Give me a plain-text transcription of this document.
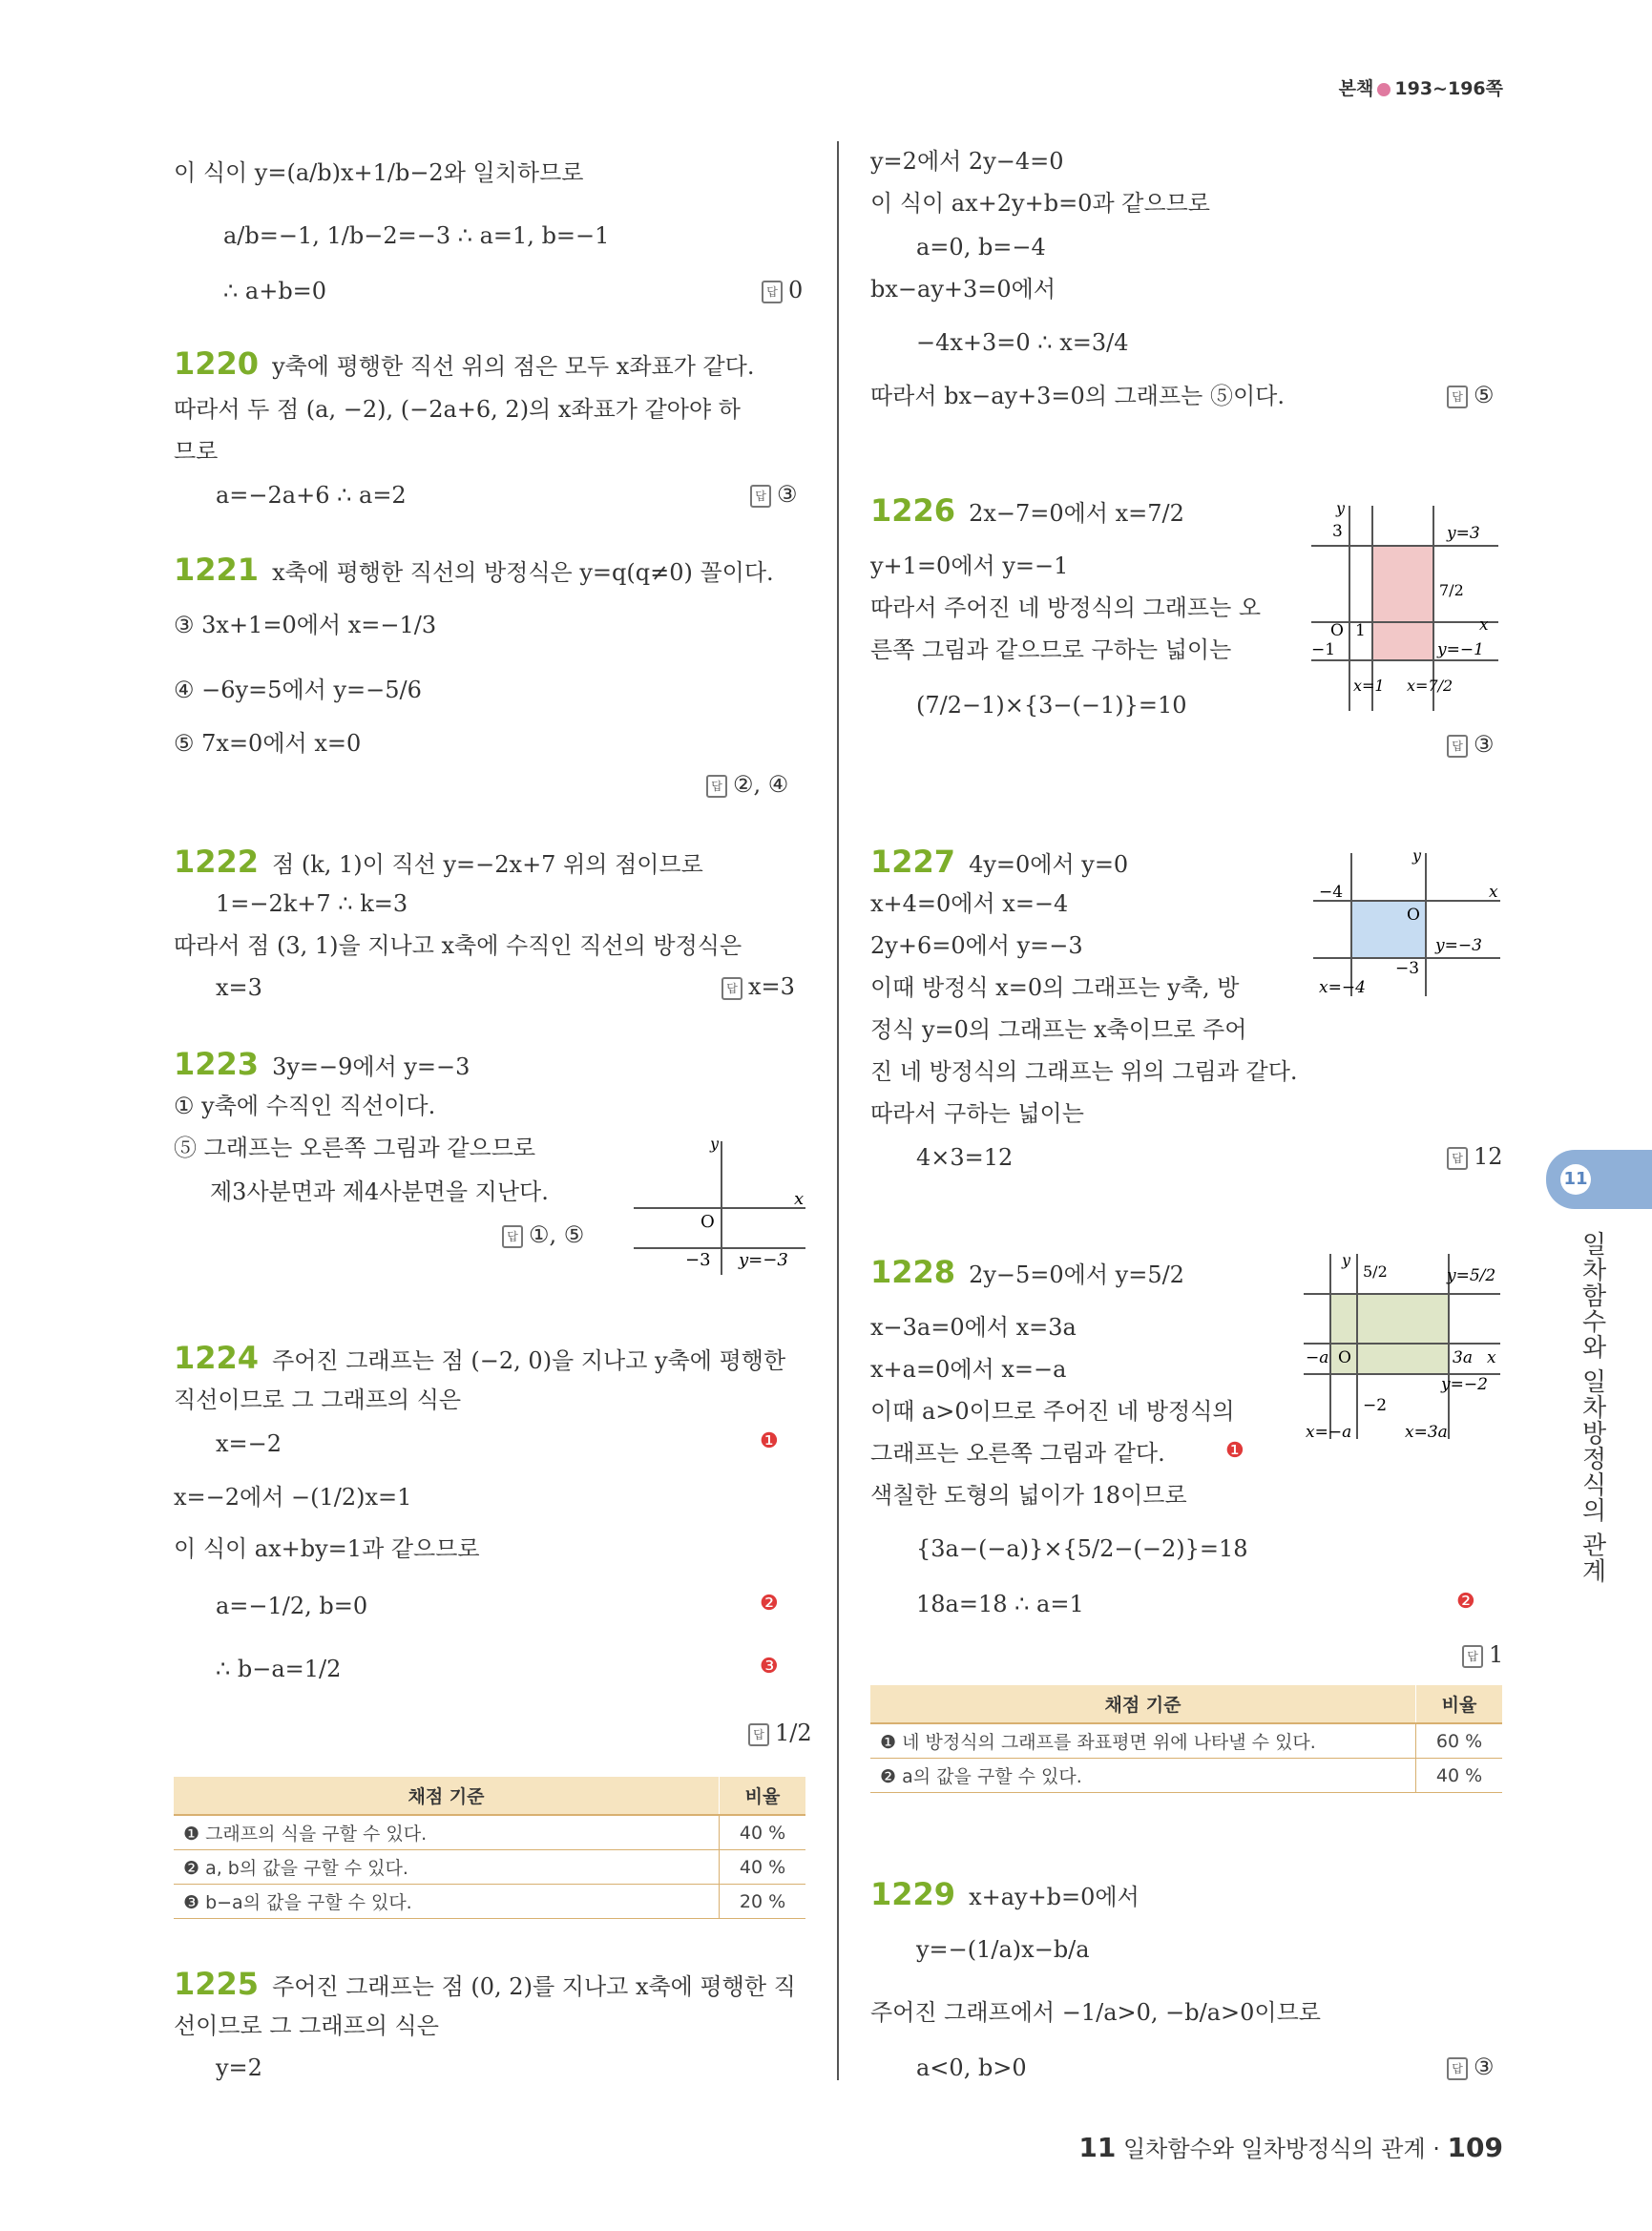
본책 193~196쪽
이 식이 y=(a/b)x+1/b−2와 일치하므로
a/b=−1, 1/b−2=−3 ∴ a=1, b=−1
∴ a+b=0	답 0
1220 y축에 평행한 직선 위의 점은 모두 x좌표가 같다.
따라서 두 점 (a, −2), (−2a+6, 2)의 x좌표가 같아야 하
므로
a=−2a+6 ∴ a=2	답 ③
1221 x축에 평행한 직선의 방정식은 y=q(q≠0) 꼴이다.
③ 3x+1=0에서 x=−1/3
④ −6y=5에서 y=−5/6
⑤ 7x=0에서 x=0
답 ②, ④
1222 점 (k, 1)이 직선 y=−2x+7 위의 점이므로
1=−2k+7 ∴ k=3
따라서 점 (3, 1)을 지나고 x축에 수직인 직선의 방정식은
x=3	답 x=3
1223 3y=−9에서 y=−3
① y축에 수직인 직선이다.
⑤ 그래프는 오른쪽 그림과 같으므로
제3사분면과 제4사분면을 지난다.
답 ①, ⑤
y
x
O
−3 y=−3
1224 주어진 그래프는 점 (−2, 0)을 지나고 y축에 평행한
직선이므로 그 그래프의 식은
x=−2	❶
x=−2에서 −(1/2)x=1
이 식이 ax+by=1과 같으므로
a=−1/2, b=0	❷
∴ b−a=1/2	❸
답 1/2
채점 기준	비율
❶ 그래프의 식을 구할 수 있다.	40 %
❷ a, b의 값을 구할 수 있다.	40 %
❸ b−a의 값을 구할 수 있다.	20 %
1225 주어진 그래프는 점 (0, 2)를 지나고 x축에 평행한 직
선이므로 그 그래프의 식은
y=2
y=2에서 2y−4=0
이 식이 ax+2y+b=0과 같으므로
a=0, b=−4
bx−ay+3=0에서
−4x+3=0 ∴ x=3/4
따라서 bx−ay+3=0의 그래프는 ⑤이다.	답 ⑤
1226 2x−7=0에서 x=7/2
y+1=0에서 y=−1
따라서 주어진 네 방정식의 그래프는 오
른쪽 그림과 같으므로 구하는 넓이는
(7/2−1)×{3−(−1)}=10
답 ③
y
3	y=3
7/2
O 1	x
−1	y=−1
x=1 x=7/2
1227 4y=0에서 y=0
x+4=0에서 x=−4
2y+6=0에서 y=−3
이때 방정식 x=0의 그래프는 y축, 방
정식 y=0의 그래프는 x축이므로 주어
진 네 방정식의 그래프는 위의 그림과 같다.
따라서 구하는 넓이는
4×3=12	답 12
y
−4
O
x
y=−3
−3
x=−4
1228 2y−5=0에서 y=5/2
x−3a=0에서 x=3a
x+a=0에서 x=−a
이때 a>0이므로 주어진 네 방정식의
그래프는 오른쪽 그림과 같다.	❶
색칠한 도형의 넓이가 18이므로
{3a−(−a)}×{5/2−(−2)}=18
18a=18 ∴ a=1	❷
답 1
y
5/2	y=5/2
−a O	3a x
y=−2
−2
x=−a	x=3a
채점 기준	비율
❶ 네 방정식의 그래프를 좌표평면 위에 나타낼 수 있다.	60 %
❷ a의 값을 구할 수 있다.	40 %
1229 x+ay+b=0에서
y=−(1/a)x−b/a
주어진 그래프에서 −1/a>0, −b/a>0이므로
a<0, b>0	답 ③
11
일차함수와 일차방정식의 관계
11 일차함수와 일차방정식의 관계 · 109
